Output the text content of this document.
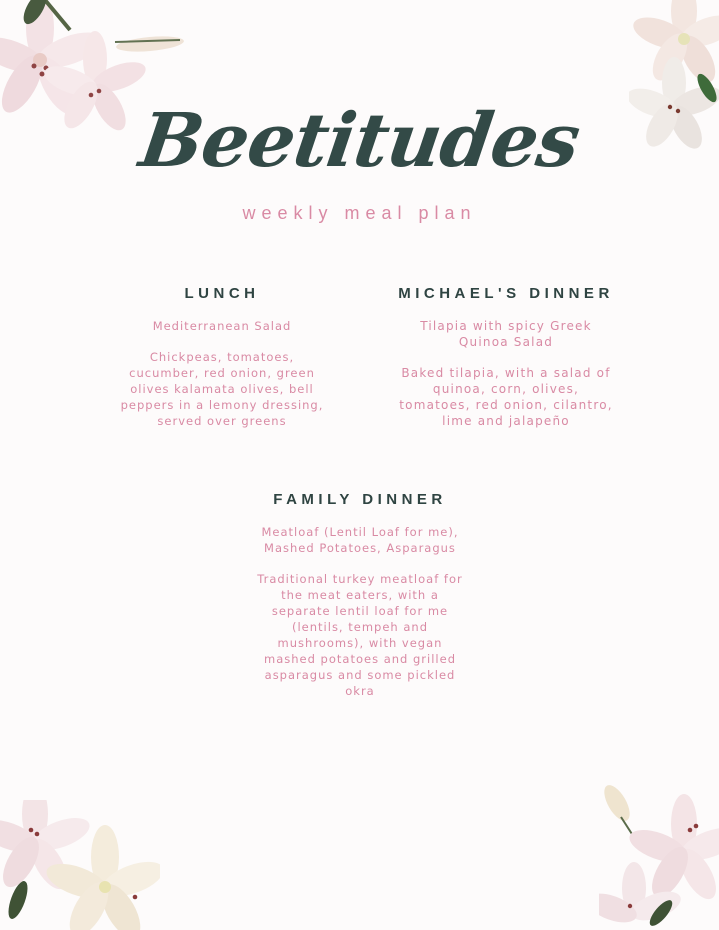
Beetitudes
weekly meal plan
LUNCH

Mediterranean Salad

Chickpeas, tomatoes, cucumber, red onion, green olives kalamata olives, bell peppers in a lemony dressing, served over greens

MICHAEL'S DINNER

Tilapia with spicy Greek Quinoa Salad

Baked tilapia, with a salad of quinoa, corn, olives, tomatoes, red onion, cilantro, lime and jalapeño

FAMILY DINNER

Meatloaf (Lentil Loaf for me), Mashed Potatoes, Asparagus

Traditional turkey meatloaf for the meat eaters, with a separate lentil loaf for me (lentils, tempeh and mushrooms), with vegan mashed potatoes and grilled asparagus and some pickled okra
